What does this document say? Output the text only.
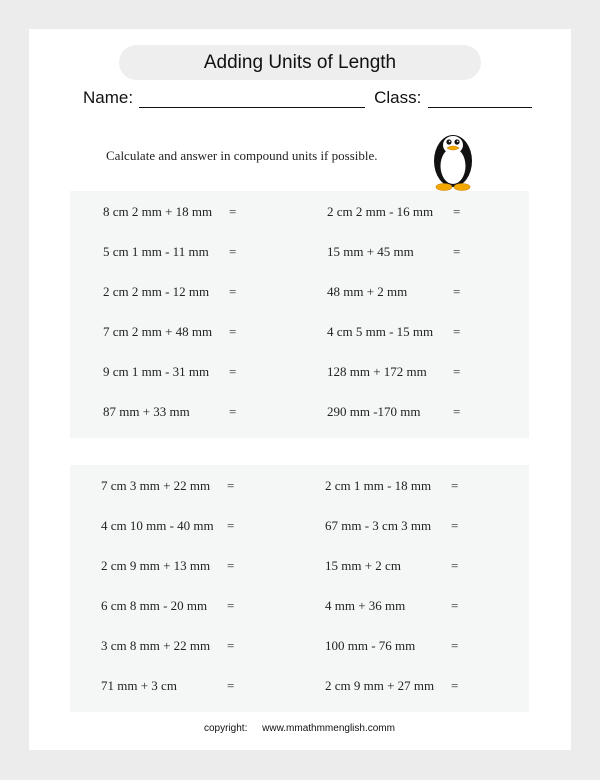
Adding Units of Length
Name:	Class:
Calculate and answer in compound units if possible.
8 cm 2 mm + 18 mm =	2 cm 2 mm - 16 mm =
5 cm 1 mm - 11 mm =	15 mm + 45 mm	=
2 cm 2 mm - 12 mm =	48 mm + 2 mm	=
7 cm 2 mm + 48 mm =	4 cm 5 mm - 15 mm =
9 cm 1 mm - 31 mm =	128 mm + 172 mm =
87 mm + 33 mm	=	290 mm -170 mm =
7 cm 3 mm + 22 mm =	2 cm 1 mm - 18 mm =
4 cm 10 mm - 40 mm =	67 mm - 3 cm 3 mm =
2 cm 9 mm + 13 mm =	15 mm + 2 cm	=
6 cm 8 mm - 20 mm =	4 mm + 36 mm	=
3 cm 8 mm + 22 mm =	100 mm - 76 mm	=
71 mm + 3 cm	=	2 cm 9 mm + 27 mm =
copyright: www.mmathmmenglish.comm
